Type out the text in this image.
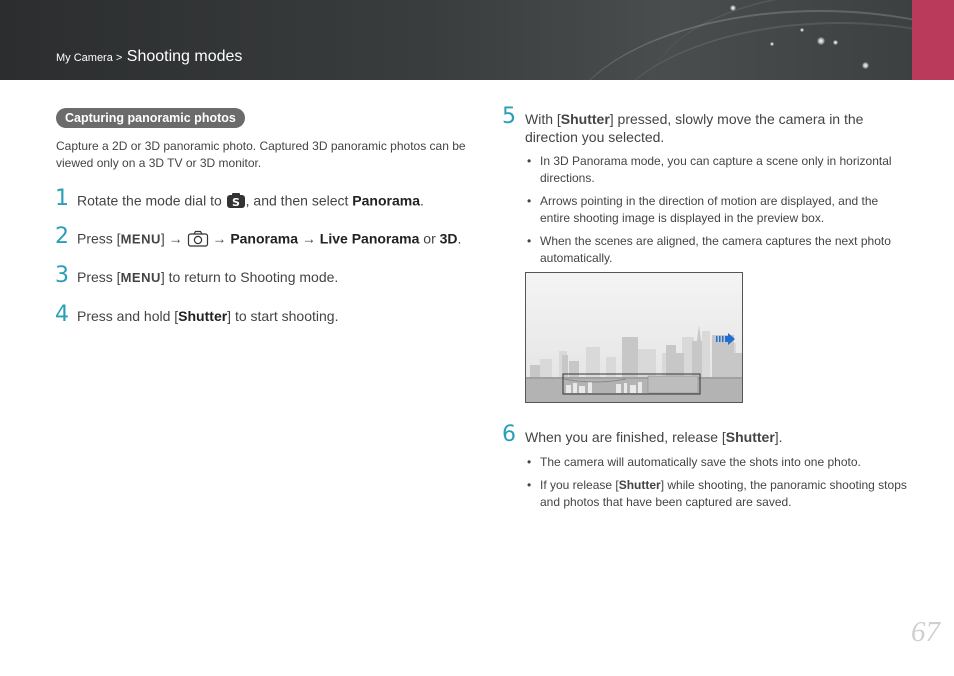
My Camera > Shooting modes
Capturing panoramic photos
Capture a 2D or 3D panoramic photo. Captured 3D panoramic photos can be viewed only on a 3D TV or 3D monitor.
1 Rotate the mode dial to S , and then select Panorama.
2 Press [MENU] →  → Panorama → Live Panorama or 3D.
3 Press [MENU] to return to Shooting mode.
4 Press and hold [Shutter] to start shooting.
5 With [Shutter] pressed, slowly move the camera in the direction you selected.
• In 3D Panorama mode, you can capture a scene only in horizontal directions.
• Arrows pointing in the direction of motion are displayed, and the entire shooting image is displayed in the preview box.
• When the scenes are aligned, the camera captures the next photo automatically.
6 When you are finished, release [Shutter].
• The camera will automatically save the shots into one photo.
• If you release [Shutter] while shooting, the panoramic shooting stops and photos that have been captured are saved.
67
